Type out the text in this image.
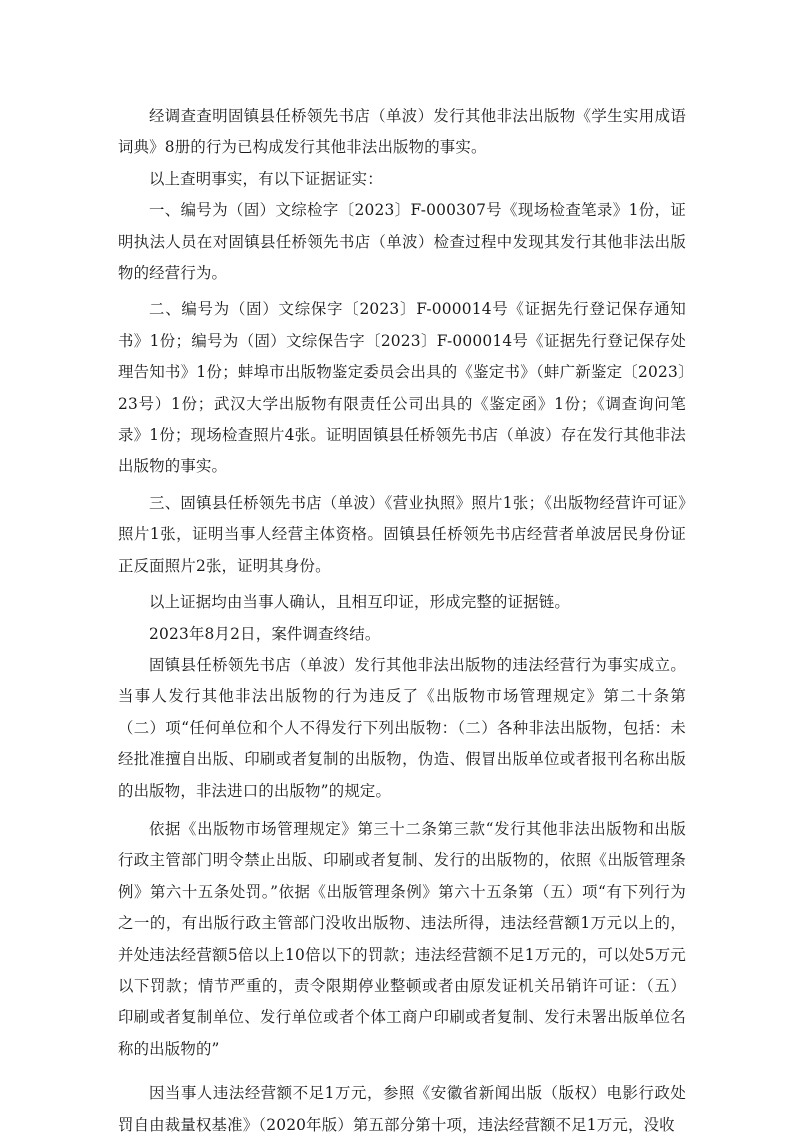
经调查查明固镇县任桥领先书店（单波）发行其他非法出版物《学生实用成语词典》8册的行为已构成发行其他非法出版物的事实。

以上查明事实，有以下证据证实：

一、编号为（固）文综检字〔2023〕F-000307号《现场检查笔录》1份，证明执法人员在对固镇县任桥领先书店（单波）检查过程中发现其发行其他非法出版物的经营行为。

二、编号为（固）文综保字〔2023〕F-000014号《证据先行登记保存通知书》1份；编号为（固）文综保告字〔2023〕F-000014号《证据先行登记保存处理告知书》1份；蚌埠市出版物鉴定委员会出具的《鉴定书》（蚌广新鉴定〔2023〕23号）1份；武汉大学出版物有限责任公司出具的《鉴定函》1份；《调查询问笔录》1份；现场检查照片4张。证明固镇县任桥领先书店（单波）存在发行其他非法出版物的事实。

三、固镇县任桥领先书店（单波）《营业执照》照片1张；《出版物经营许可证》照片1张，证明当事人经营主体资格。固镇县任桥领先书店经营者单波居民身份证正反面照片2张，证明其身份。

以上证据均由当事人确认，且相互印证，形成完整的证据链。

2023年8月2日，案件调查终结。

固镇县任桥领先书店（单波）发行其他非法出版物的违法经营行为事实成立。当事人发行其他非法出版物的行为违反了《出版物市场管理规定》第二十条第（二）项“任何单位和个人不得发行下列出版物：（二）各种非法出版物，包括：未经批准擅自出版、印刷或者复制的出版物，伪造、假冒出版单位或者报刊名称出版的出版物，非法进口的出版物”的规定。

依据《出版物市场管理规定》第三十二条第三款“发行其他非法出版物和出版行政主管部门明令禁止出版、印刷或者复制、发行的出版物的，依照《出版管理条例》第六十五条处罚。”依据《出版管理条例》第六十五条第（五）项“有下列行为之一的，有出版行政主管部门没收出版物、违法所得，违法经营额1万元以上的，并处违法经营额5倍以上10倍以下的罚款；违法经营额不足1万元的，可以处5万元以下罚款；情节严重的，责令限期停业整顿或者由原发证机关吊销许可证：（五）印刷或者复制单位、发行单位或者个体工商户印刷或者复制、发行未署出版单位名称的出版物的”

因当事人违法经营额不足1万元，参照《安徽省新闻出版（版权）电影行政处罚自由裁量权基准》（2020年版）第五部分第十项，违法经营额不足1万元，没收
